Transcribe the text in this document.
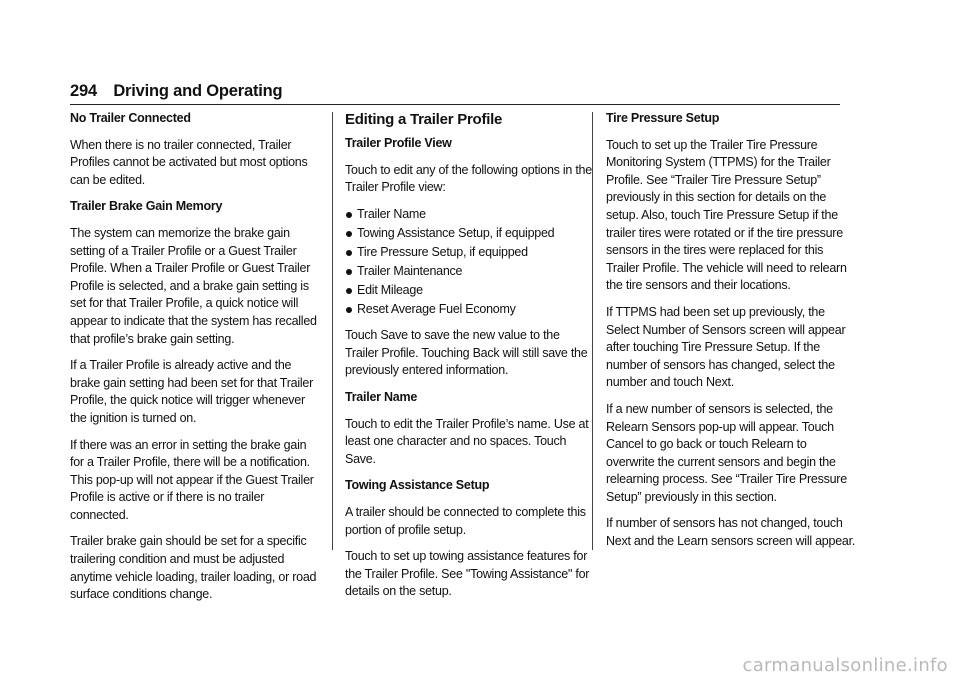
294 Driving and Operating
No Trailer Connected

When there is no trailer connected, Trailer Profiles cannot be activated but most options can be edited.

Trailer Brake Gain Memory

The system can memorize the brake gain setting of a Trailer Profile or a Guest Trailer Profile. When a Trailer Profile or Guest Trailer Profile is selected, and a brake gain setting is set for that Trailer Profile, a quick notice will appear to indicate that the system has recalled that profile’s brake gain setting.

If a Trailer Profile is already active and the brake gain setting had been set for that Trailer Profile, the quick notice will trigger whenever the ignition is turned on.

If there was an error in setting the brake gain for a Trailer Profile, there will be a notification. This pop-up will not appear if the Guest Trailer Profile is active or if there is no trailer connected.

Trailer brake gain should be set for a specific trailering condition and must be adjusted anytime vehicle loading, trailer loading, or road surface conditions change.

Editing a Trailer Profile
Trailer Profile View

Touch to edit any of the following options in the Trailer Profile view:

Trailer Name
Towing Assistance Setup, if equipped
Tire Pressure Setup, if equipped
Trailer Maintenance
Edit Mileage
Reset Average Fuel Economy

Touch Save to save the new value to the Trailer Profile. Touching Back will still save the previously entered information.

Trailer Name

Touch to edit the Trailer Profile’s name. Use at least one character and no spaces. Touch Save.

Towing Assistance Setup

A trailer should be connected to complete this portion of profile setup.

Touch to set up towing assistance features for the Trailer Profile. See "Towing Assistance" for details on the setup.

Tire Pressure Setup

Touch to set up the Trailer Tire Pressure Monitoring System (TTPMS) for the Trailer Profile. See “Trailer Tire Pressure Setup” previously in this section for details on the setup. Also, touch Tire Pressure Setup if the trailer tires were rotated or if the tire pressure sensors in the tires were replaced for this Trailer Profile. The vehicle will need to relearn the tire sensors and their locations.

If TTPMS had been set up previously, the Select Number of Sensors screen will appear after touching Tire Pressure Setup. If the number of sensors has changed, select the number and touch Next.

If a new number of sensors is selected, the Relearn Sensors pop-up will appear. Touch Cancel to go back or touch Relearn to overwrite the current sensors and begin the relearning process. See “Trailer Tire Pressure Setup” previously in this section.

If number of sensors has not changed, touch Next and the Learn sensors screen will appear.

carmanualsonline.info
